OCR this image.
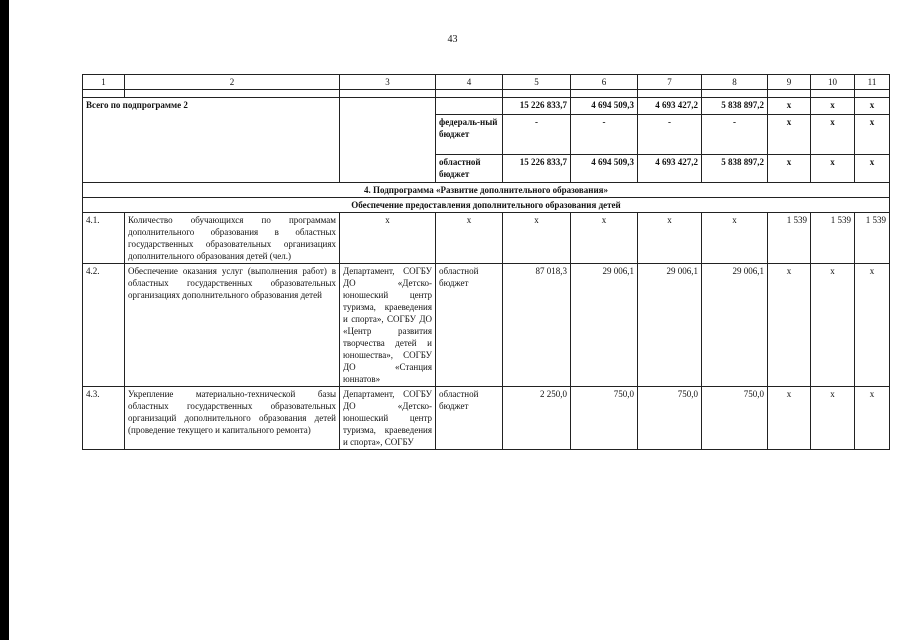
43
1	2	3	4	5	6	7	8	9	10	11

Всего по подпрограмме 2				15 226 833,7	4 694 509,3	4 693 427,2	5 838 897,2	x	x	x
			федераль-ный бюджет	-	-	-	-	x	x	x
			областной бюджет	15 226 833,7	4 694 509,3	4 693 427,2	5 838 897,2	x	x	x
4. Подпрограмма «Развитие дополнительного образования»										
Обеспечение предоставления дополнительного образования детей										
4.1.	Количество обучающихся по программам дополнительного образования в областных государственных образовательных организациях дополнительного образования детей (чел.)	x	x	x	x	x	x	1 539	1 539	1 539
4.2.	Обеспечение оказания услуг (выполнения работ) в областных государственных образовательных организациях дополнительного образования детей	Департамент, СОГБУ ДО «Детско-юношеский центр туризма, краеведения и спорта», СОГБУ ДО «Центр развития творчества детей и юношества», СОГБУ ДО «Станция юннатов»	областной бюджет	87 018,3	29 006,1	29 006,1	29 006,1	x	x	x
4.3.	Укрепление материально-технической базы областных государственных образовательных организаций дополнительного образования детей (проведение текущего и капитального ремонта)	Департамент, СОГБУ ДО «Детско-юношеский центр туризма, краеведения и спорта», СОГБУ	областной бюджет	2 250,0	750,0	750,0	750,0	x	x	x
